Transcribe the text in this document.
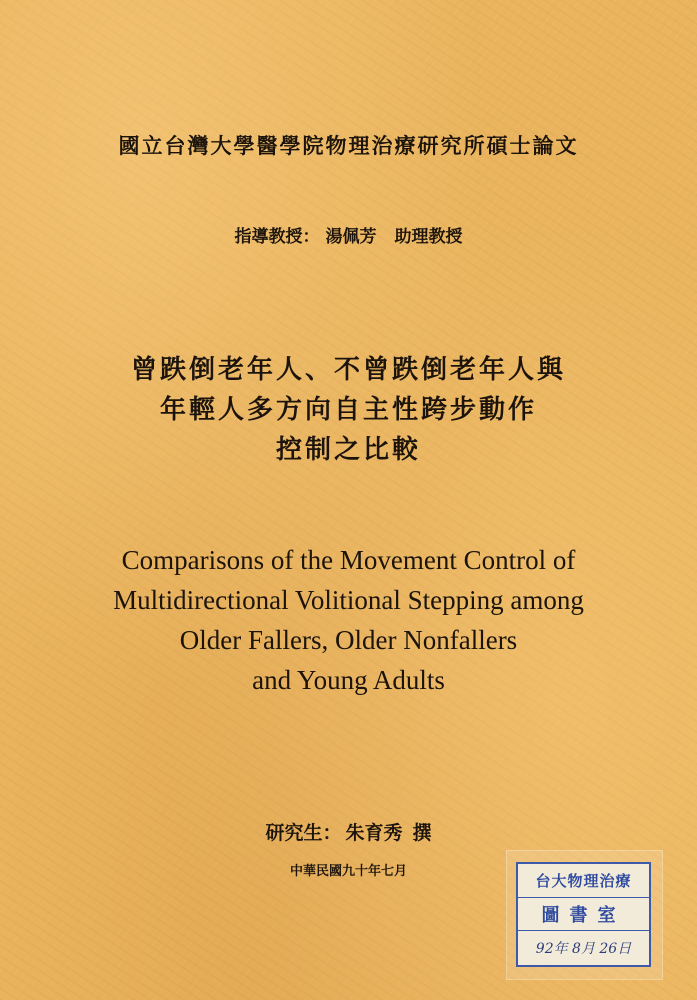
國立台灣大學醫學院物理治療研究所碩士論文
指導教授： 湯佩芳 助理教授
曾跌倒老年人、不曾跌倒老年人與
年輕人多方向自主性跨步動作
控制之比較
Comparisons of the Movement Control of
Multidirectional Volitional Stepping among
Older Fallers, Older Nonfallers
and Young Adults
研究生： 朱育秀 撰
中華民國九十年七月
台大物理治療
圖書室
92年 8月 26日
